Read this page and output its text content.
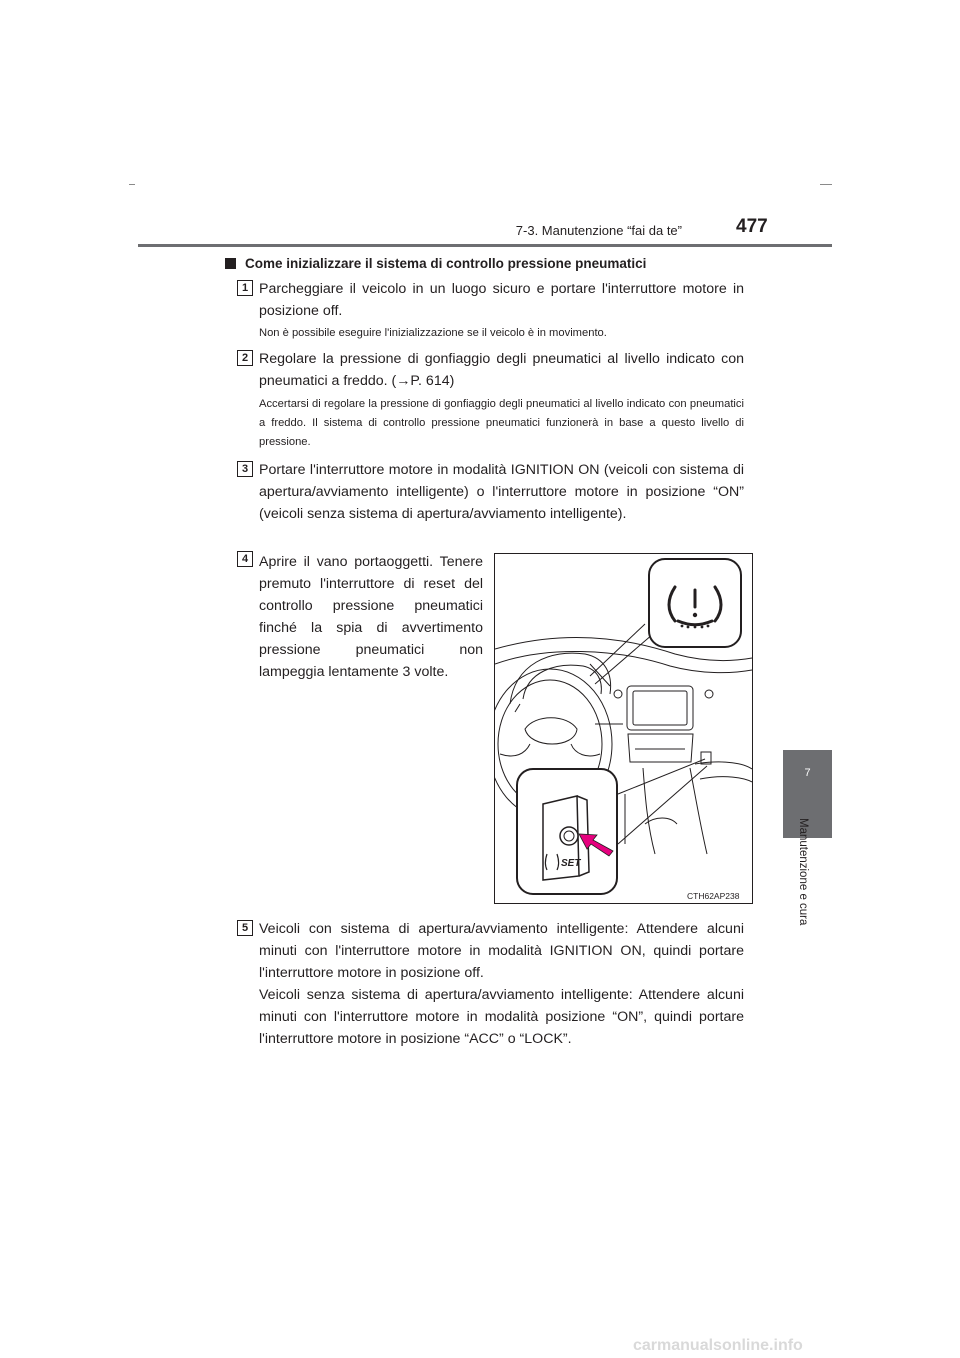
7-3. Manutenzione “fai da te”	477
7
Manutenzione e cura
Come inizializzare il sistema di controllo pressione pneumatici
1 Parcheggiare il veicolo in un luogo sicuro e portare l'interruttore motore in posizione off.
Non è possibile eseguire l'inizializzazione se il veicolo è in movimento.
2 Regolare la pressione di gonfiaggio degli pneumatici al livello indicato con pneumatici a freddo. (→P. 614)
Accertarsi di regolare la pressione di gonfiaggio degli pneumatici al livello indicato con pneumatici a freddo. Il sistema di controllo pressione pneumatici funzionerà in base a questo livello di pressione.
3 Portare l'interruttore motore in modalità IGNITION ON (veicoli con sistema di apertura/avviamento intelligente) o l'interruttore motore in posizione “ON” (veicoli senza sistema di apertura/avviamento intelligente).
4 Aprire il vano portaoggetti. Tenere premuto l'interruttore di reset del controllo pressione pneumatici finché la spia di avvertimento pressione pneumatici non lampeggia lentamente 3 volte.
SET
CTH62AP238
5 Veicoli con sistema di apertura/avviamento intelligente: Attendere alcuni minuti con l'interruttore motore in modalità IGNITION ON, quindi portare l'interruttore motore in posizione off.
Veicoli senza sistema di apertura/avviamento intelligente: Attendere alcuni minuti con l'interruttore motore in modalità posizione “ON”, quindi portare l'interruttore motore in posizione “ACC” o “LOCK”.
carmanualsonline.info
